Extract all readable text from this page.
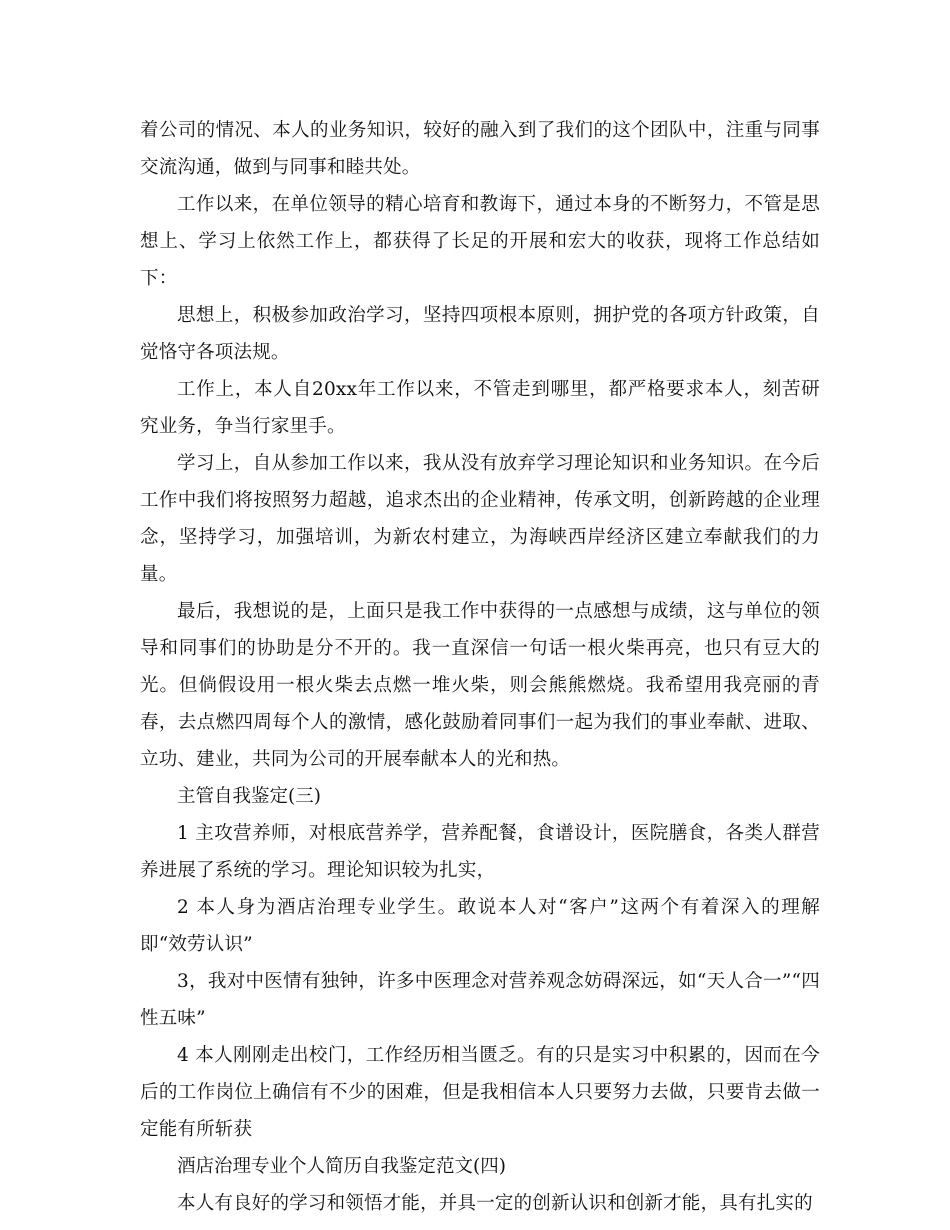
着公司的情况、本人的业务知识，较好的融入到了我们的这个团队中，注重与同事交流沟通，做到与同事和睦共处。

工作以来，在单位领导的精心培育和教诲下，通过本身的不断努力，不管是思想上、学习上依然工作上，都获得了长足的开展和宏大的收获，现将工作总结如下：

思想上，积极参加政治学习，坚持四项根本原则，拥护党的各项方针政策，自觉恪守各项法规。

工作上，本人自20xx年工作以来，不管走到哪里，都严格要求本人，刻苦研究业务，争当行家里手。

学习上，自从参加工作以来，我从没有放弃学习理论知识和业务知识。在今后工作中我们将按照努力超越，追求杰出的企业精神，传承文明，创新跨越的企业理念，坚持学习，加强培训，为新农村建立，为海峡西岸经济区建立奉献我们的力量。

最后，我想说的是，上面只是我工作中获得的一点感想与成绩，这与单位的领导和同事们的协助是分不开的。我一直深信一句话一根火柴再亮，也只有豆大的光。但倘假设用一根火柴去点燃一堆火柴，则会熊熊燃烧。我希望用我亮丽的青春，去点燃四周每个人的激情，感化鼓励着同事们一起为我们的事业奉献、进取、立功、建业，共同为公司的开展奉献本人的光和热。

主管自我鉴定(三)

1 主攻营养师，对根底营养学，营养配餐，食谱设计，医院膳食，各类人群营养进展了系统的学习。理论知识较为扎实，

2 本人身为酒店治理专业学生。敢说本人对“客户”这两个有着深入的理解即“效劳认识”

3，我对中医情有独钟，许多中医理念对营养观念妨碍深远，如“天人合一”“四性五味”

4 本人刚刚走出校门，工作经历相当匮乏。有的只是实习中积累的，因而在今后的工作岗位上确信有不少的困难，但是我相信本人只要努力去做，只要肯去做一定能有所斩获

酒店治理专业个人简历自我鉴定范文(四)

本人有良好的学习和领悟才能，并具一定的创新认识和创新才能，具有扎实的
